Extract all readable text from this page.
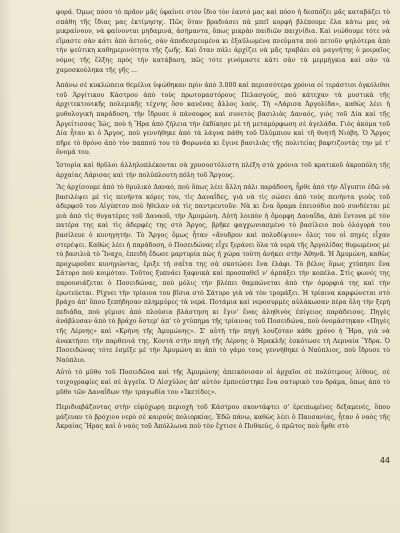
φορά. Όμως πόσο τὸ πρᾶον μᾶς ὑφαίνει στὸν ἴδιο τὸν ἑαυτό μας καὶ πόσο ἡ δεσπόζει μᾶς καταβάζει τὸ σπάθη τῆς ἴδιας μας ἐκτίμησης. Πῶς ὅταν βραδιάσει πὰ μπεῖ κορφή βλέπουμε ἕλα κάτω μας νὰ μικραίνουν, νὰ φαίνονται μηδαμινά, ἀσήμαντα, ὅπως μικρὰν παιδιῶν παιχνίδια. Καὶ νιώθουμε τότε νὰ εἴμαστε σὰν κάτι ἀπὸ ἀετούς, σὰν ἀποδεσμευμένα κι ἐξαϋλωμένα πνεύματα πού πετοῦν ψηλότερα ἀπὸ τὴν ψεύτικη καθημερινότητα τῆς ζωῆς. Καὶ ὅταν πάλι ἀρχίζει νὰ μᾶς τραβάει σὰ μαγνήτης ὁ μοιραῖος νόμος τῆς ἕλξης πρὸς τὴν κατάβαση, πῶς τότε γινόμαστε κάτι σὰν τὰ μερμήγκια καὶ σὰν τὰ χαμοσκούληκα τῆς γῆς ...

Ἀπάνω σὲ κυκλώπεια θεμέλια ὑψώθηκαν πρὶν ἀπὸ 3.000 καὶ περισσότερα χρόνια οἱ τεράστιοι ὀγκόλιθοι τοῦ Ἀργίτικου Κάστρου ἀπὸ τοὺς πρωτομαστόρους Πελασγούς, πού κάτεχαν τὰ μυστικὰ τῆς ἀρχιτεκτονικῆς πολεμικῆς τέχνης ὅσο κανένας ἄλλος λαός. Τὴ «Λάρισα Ἀργολίδα», καθὼς λέει ἡ μυθολογικὴ παράδοση, τὴν ἵδρυσε ὁ πάνσοφος καὶ συνετὸς βασιλιὰς Δαναός, γιὸς τοῦ Δία καὶ τῆς Ἀργείτισσας Ἰώς, ποὺ ἡ Ἥρα ἀπὸ ζήλεια τὴν ἐκδίκησε μὲ τὴ μεταμόρφωση σὲ ἀγελάδα. Γιὸς ἀκόμα τοῦ Δία ἦταν κι ὁ Ἄργος, ποὺ γεννήθηκε ἀπὸ τὰ λάγνα πάθη τοῦ Ὀλύμπιου καὶ τῆ θνητῆ Νιόβη. Ὁ Ἄργος πῆρε τὸ θρόνο ἀπὸ τὸν παππού του τὸ Φορωνέα κι ἔγινε βασιλιὰς τῆς πολιτείας βαφτιζοντάς την μὲ τ' ὄνομά του.

Ἱστορία καὶ θρῦλοι ἀλληλοπλέκονται σὰ χρυσοστόλιστη πλέξη στὰ χρόνια τοῦ κρατικοῦ ἀκροπόλη τῆς ἀρχαίας Λάρισας καὶ τὴν πολύπλουτη πόλη τοῦ Ἄργους.

Ἂς ἀρχίσουμε ἀπὸ τὸ θρυλικὸ Δαναό, ποὺ ὅπως λέει ἄλλη πάλι παράδοση, ἦρθε ἀπὸ τὴν Αἴγυπτο ἐδῶ νὰ βασιλέψει μὲ τὶς πενήντα κόρες του, τὶς Δαναΐδες, γιὰ νὰ τὶς σώσει ἀπὸ τοὺς πενήντα γιοὺς τοῦ ἀδερφοῦ του Αἰγύπτου ποὺ ἤθελαν νὰ τὶς παντρευτοῦν. Νὰ κι ἕνα ὄραμα ἐπεισόδιο πού συνδέεται μὲ μιὰ ἀπὸ τὶς θυγατέρες τοῦ Δαναοῦ, τὴν Ἀμυμώνη. Αὐτὴ λοιπὸν ἡ ὄμορφη Δαναΐδα, ἀπὸ ἔντονα μὲ τὸν πατέρα της καὶ τὶς ἀδερφές της στὸ Ἄργος, βρῆκε φαγχωνιασμένο τὸ βασίλειο ποὺ ὁλόγυρά του βασίλευε ὁ κυνηγητήν. Τὸ Ἄργος ὅμως ἦταν «ἄνυδρον καὶ πολυδίψιον» ὅλες του οἱ πηγές εἶχαν στερέψει. Καθὼς λέει ἡ παράδοση, ὁ Ποσειδώνας εἶχε ξεράνει ὅλα τὰ νερὰ τῆς Ἀργολίδας θυμωμένος μὲ τὸ βασιλιὰ τὸ Ἴναχο, ἐπειδὴ ἔδωσε μαρτυρία πὼς ἡ χώρα τούτη ἀνήκει στὴν Ἀθηνᾶ. Ἡ Ἀμυμώνη, καθὼς προχωροῦσε κυνηγώντας, ἔριξε τὴ σαΐτα της σὰ σκοτώσει ἕνα ἐλάφι. Τὸ βέλος ὅμως χτύπησε ἕνα Σάτυρο ποὺ κοιμόταν. Τοῦτος ξυπνάει ξαφνικὰ καὶ προσπαθεῖ ν' ἁρπάξει τὴν κοπέλα. Στὶς φωνές της παρουσιάζεται ὁ Ποσειδώνας, ποὺ μόλις τὴν βλέπει θαμπώνεται ἀπὸ τὴν ὀμορφιά της καὶ τὴν ἐρωτεύεται. Ρίχνει τὴν τρίαινα του βῖσια στὸ Σάτυρο γιὰ νὰ τὸν τρομάξει. Ἡ τρίαινα καρφώνεται στὸ βράχο ἀπ' ὅπου ξεπήδησαν πλημμύρες τὰ νερά. Ποτάμια καὶ νεροσυρμὲς αὐλάκωσαν πέρα ὅλη τὴν ξερὴ πεδιάδα, ποὺ γέμισε ἀπὸ πλούσια βλάστηση κι ἔγιν' ἕνας ἀληθινὸς ἐπίγειος παράδεισος. Πηγὲς ἀνάβλυσαν ἀπὸ τὸ βράχο ὅστερ' ἀπ' τὸ χτύπημα τῆς τρίαινας τοῦ Ποσειδώνα, ποὺ ὀνομάστηκαν «Πηγὲς τῆς Λέρνης» καὶ «Κρήνη τῆς Ἀμυμώνης». Σ' αὐτὴ τὴν πηγὴ λουζόταν κάθε χρόνο ἡ Ἥρα, γιὰ νὰ ἀνακτήσει τὴν παρθενιά της. Κοντὰ στὴν πηγὴ τῆς Λέρνης ὁ Ἡρακλῆς ἐσκότωσε τὴ Λερναία Ὕδρα. Ὁ Ποσειδώνας τότε ἑσμίξε μὲ τὴν Ἀμυμώνη κι ἀπὸ τὸ γάμο τους γεννήθηκε ὁ Ναύπλιος, ποὺ ἵδρυσε τὸ Ναύπλιο.

Αὐτὸ τὸ μῦθο τοῦ Ποσειδῶνα καὶ τῆς Ἀμυμώνης ἀπεικόνισαν οἱ ἀρχαῖοι σὲ πολύτιμους λίθους, σὲ τοιχογραφίες καὶ σὲ ἀγγεῖα. Ὁ Αἰσχύλος ἀπ' αὐτὸν ἐμπνεύστηκε ἕνα σατυρικὸ του δράμα, ὅπως ἀπὸ τὸ μῦθο τῶν Δαναΐδων τὴν τραγωδία του «Ἱκετίδες».

Περιδιαβάζοντας στὴν εὐρύχωρη περιοχὴ τοῦ Κάστρου σκοντάφτει σ' ἐρειπωμένες δεξαμενές, ὅπου μάζευαν τὸ βρόχινο νερὸ σὲ καιρούς πολιορκίας. Ἐδῶ πάνω, καθὼς λέει ὁ Παυσανίας, ἦταν ὁ ναὸς τῆς Ἀκραίας Ἥρας καὶ ὁ ναὸς τοῦ Ἀπόλλωνα ποὺ τὸν ἔχτισε ὁ Πυθαεύς, ὁ πρῶτος ποὺ ἦρθε στὸ

44
